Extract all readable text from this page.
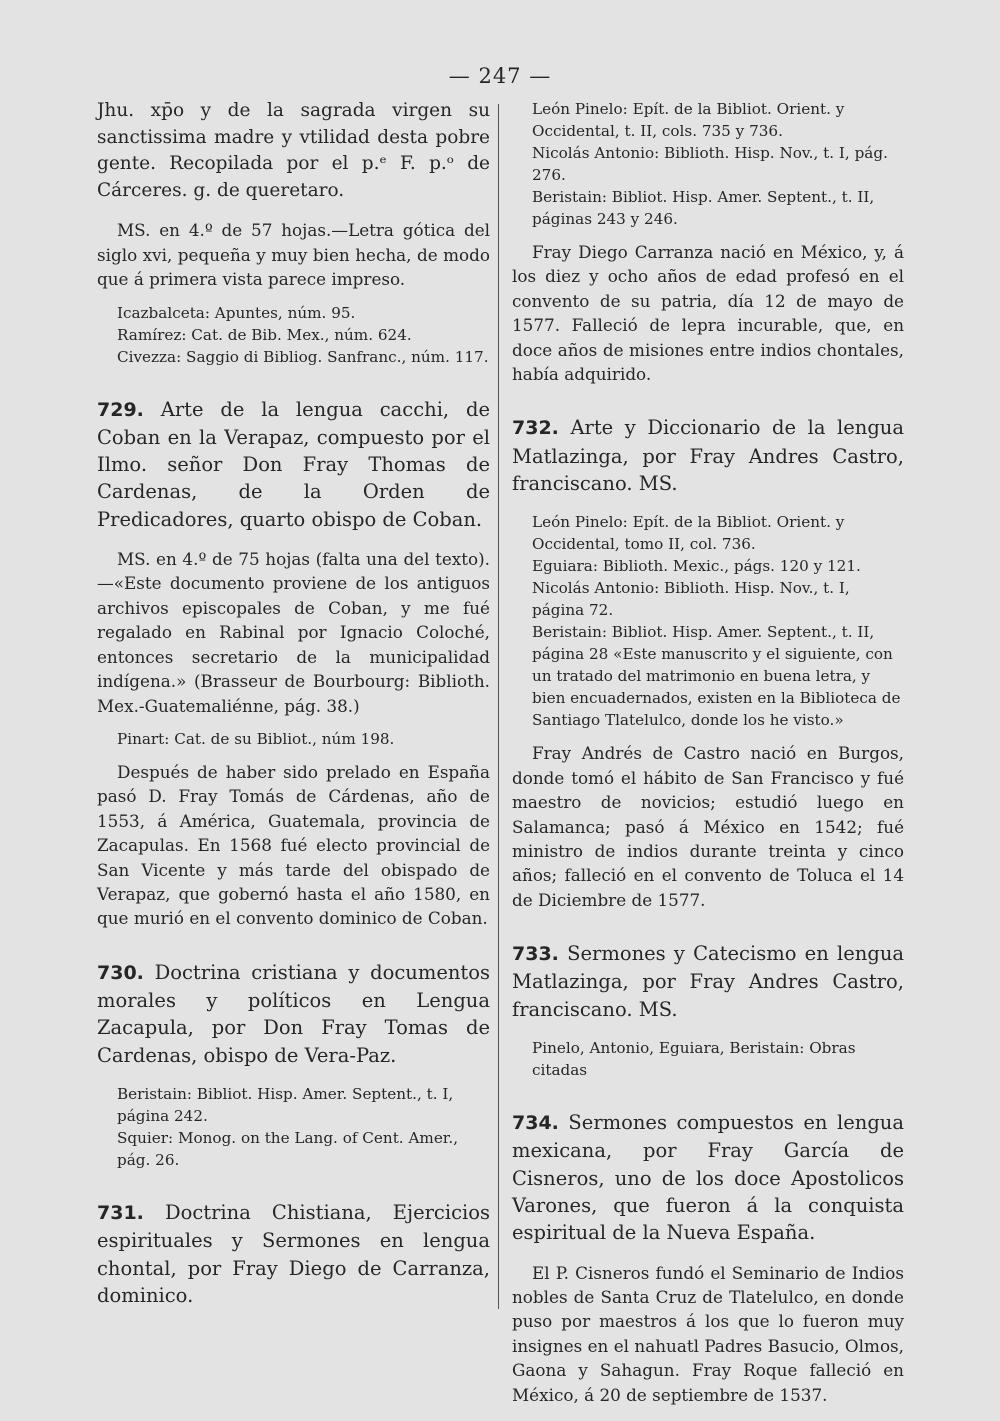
— 247 —

Jhu. xp̄o y de la sagrada virgen su sanctissima madre y vtilidad desta pobre gente. Recopilada por el p.ᵉ F. p.ᵒ de Cárceres. g. de queretaro.

MS. en 4.º de 57 hojas.—Letra gótica del siglo xvi, pequeña y muy bien hecha, de modo que á primera vista parece impreso.

Icazbalceta: Apuntes, núm. 95.

Ramírez: Cat. de Bib. Mex., núm. 624.

Civezza: Saggio di Bibliog. Sanfranc., núm. 117.

729. Arte de la lengua cacchi, de Coban en la Verapaz, compuesto por el Ilmo. señor Don Fray Thomas de Cardenas, de la Orden de Predicadores, quarto obispo de Coban.

MS. en 4.º de 75 hojas (falta una del texto). —«Este documento proviene de los antiguos archivos episcopales de Coban, y me fué regalado en Rabinal por Ignacio Coloché, entonces secretario de la municipalidad indígena.» (Brasseur de Bourbourg: Biblioth. Mex.-Guatemaliénne, pág. 38.)

Pinart: Cat. de su Bibliot., núm 198.

Después de haber sido prelado en España pasó D. Fray Tomás de Cárdenas, año de 1553, á América, Guatemala, provincia de Zacapulas. En 1568 fué electo provincial de San Vicente y más tarde del obispado de Verapaz, que gobernó hasta el año 1580, en que murió en el convento dominico de Coban.

730. Doctrina cristiana y documentos morales y políticos en Lengua Zacapula, por Don Fray Tomas de Cardenas, obispo de Vera-Paz.

Beristain: Bibliot. Hisp. Amer. Septent., t. I, página 242.

Squier: Monog. on the Lang. of Cent. Amer., pág. 26.

731. Doctrina Chistiana, Ejercicios espirituales y Sermones en lengua chontal, por Fray Diego de Carranza, dominico.

León Pinelo: Epít. de la Bibliot. Orient. y Occidental, t. II, cols. 735 y 736.

Nicolás Antonio: Biblioth. Hisp. Nov., t. I, pág. 276.

Beristain: Bibliot. Hisp. Amer. Septent., t. II, páginas 243 y 246.

Fray Diego Carranza nació en México, y, á los diez y ocho años de edad profesó en el convento de su patria, día 12 de mayo de 1577. Falleció de lepra incurable, que, en doce años de misiones entre indios chontales, había adquirido.

732. Arte y Diccionario de la lengua Matlazinga, por Fray Andres Castro, franciscano. MS.

León Pinelo: Epít. de la Bibliot. Orient. y Occidental, tomo II, col. 736.

Eguiara: Biblioth. Mexic., págs. 120 y 121.

Nicolás Antonio: Biblioth. Hisp. Nov., t. I, página 72.

Beristain: Bibliot. Hisp. Amer. Septent., t. II, página 28 «Este manuscrito y el siguiente, con un tratado del matrimonio en buena letra, y bien encuadernados, existen en la Biblioteca de Santiago Tlatelulco, donde los he visto.»

Fray Andrés de Castro nació en Burgos, donde tomó el hábito de San Francisco y fué maestro de novicios; estudió luego en Salamanca; pasó á México en 1542; fué ministro de indios durante treinta y cinco años; falleció en el convento de Toluca el 14 de Diciembre de 1577.

733. Sermones y Catecismo en lengua Matlazinga, por Fray Andres Castro, franciscano. MS.

Pinelo, Antonio, Eguiara, Beristain: Obras citadas

734. Sermones compuestos en lengua mexicana, por Fray García de Cisneros, uno de los doce Apostolicos Varones, que fueron á la conquista espiritual de la Nueva España.

El P. Cisneros fundó el Seminario de Indios nobles de Santa Cruz de Tlatelulco, en donde puso por maestros á los que lo fueron muy insignes en el nahuatl Padres Basucio, Olmos, Gaona y Sahagun. Fray Roque falleció en México, á 20 de septiembre de 1537.
